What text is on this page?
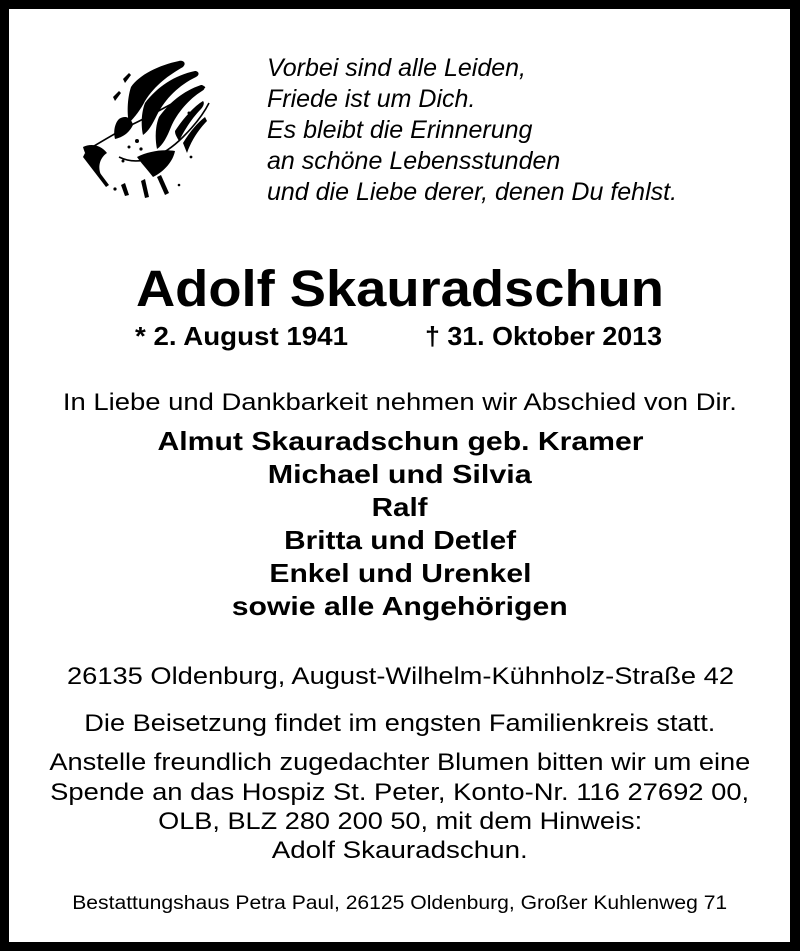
Vorbei sind alle Leiden,
Friede ist um Dich.
Es bleibt die Erinnerung
an schöne Lebensstunden
und die Liebe derer, denen Du fehlst.
Adolf Skauradschun
* 2. August 1941	† 31. Oktober 2013
In Liebe und Dankbarkeit nehmen wir Abschied von Dir.
Almut Skauradschun geb. Kramer
Michael und Silvia
Ralf
Britta und Detlef
Enkel und Urenkel
sowie alle Angehörigen
26135 Oldenburg, August-Wilhelm-Kühnholz-Straße 42
Die Beisetzung findet im engsten Familienkreis statt.
Anstelle freundlich zugedachter Blumen bitten wir um eine
Spende an das Hospiz St. Peter, Konto-Nr. 116 27692 00,
OLB, BLZ 280 200 50, mit dem Hinweis:
Adolf Skauradschun.
Bestattungshaus Petra Paul, 26125 Oldenburg, Großer Kuhlenweg 71
